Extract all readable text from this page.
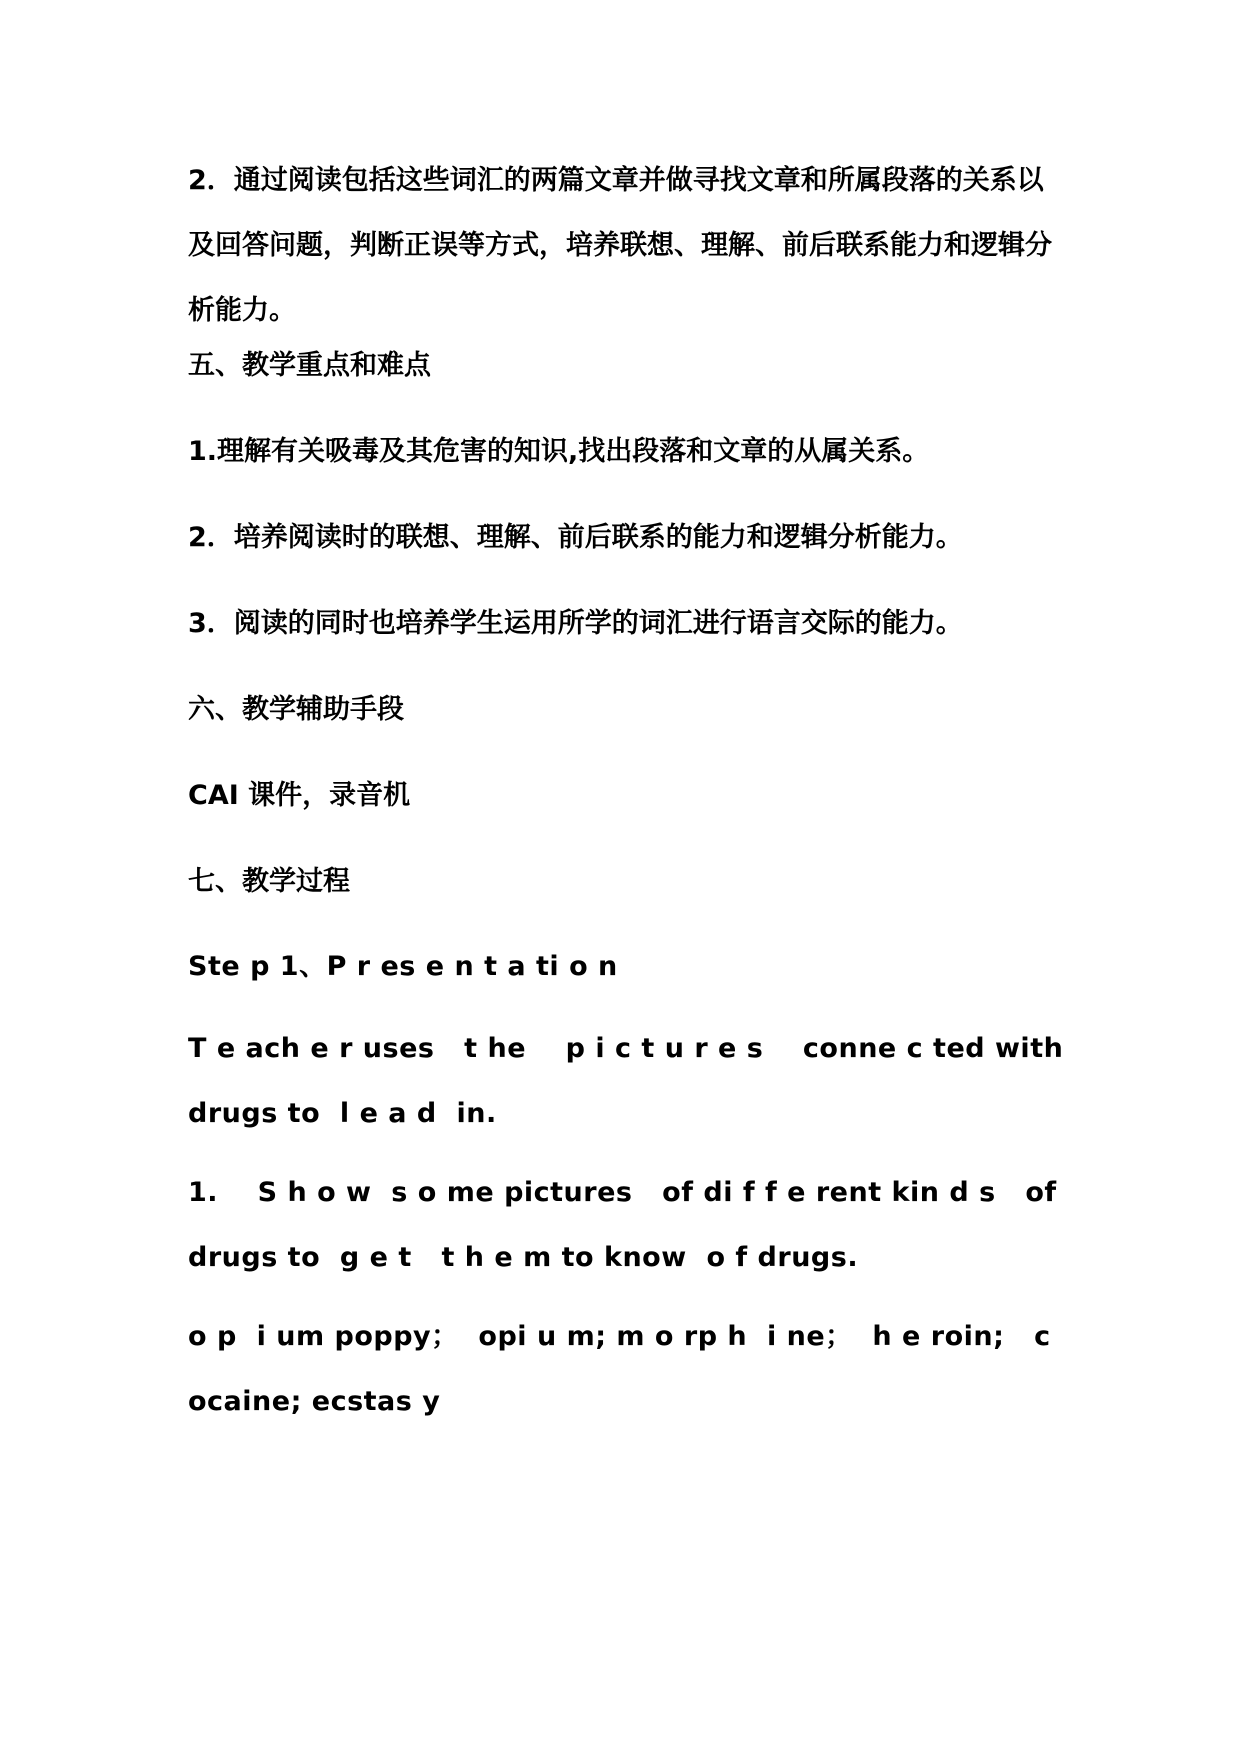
2．通过阅读包括这些词汇的两篇文章并做寻找文章和所属段落的关系以及回答问题，判断正误等方式，培养联想、理解、前后联系能力和逻辑分析能力。

五、教学重点和难点

1.理解有关吸毒及其危害的知识,找出段落和文章的从属关系。

2．培养阅读时的联想、理解、前后联系的能力和逻辑分析能力。

3．阅读的同时也培养学生运用所学的词汇进行语言交际的能力。

六、教学辅助手段

CAI 课件，录音机

七、教学过程

Ste p 1、P r es e n t a ti o n

T e ach e r uses   t he    p i c t u r e s    conne c ted with drugs to  l e a d  in.

1.    S h o w  s o me pictures   of di f f e rent kin d s   of   drugs to  g e t   t h e m to know  o f drugs.

o p  i um poppy；  opi u m; m o rp h  i ne；  h e roin;   cocaine; ecstas y
